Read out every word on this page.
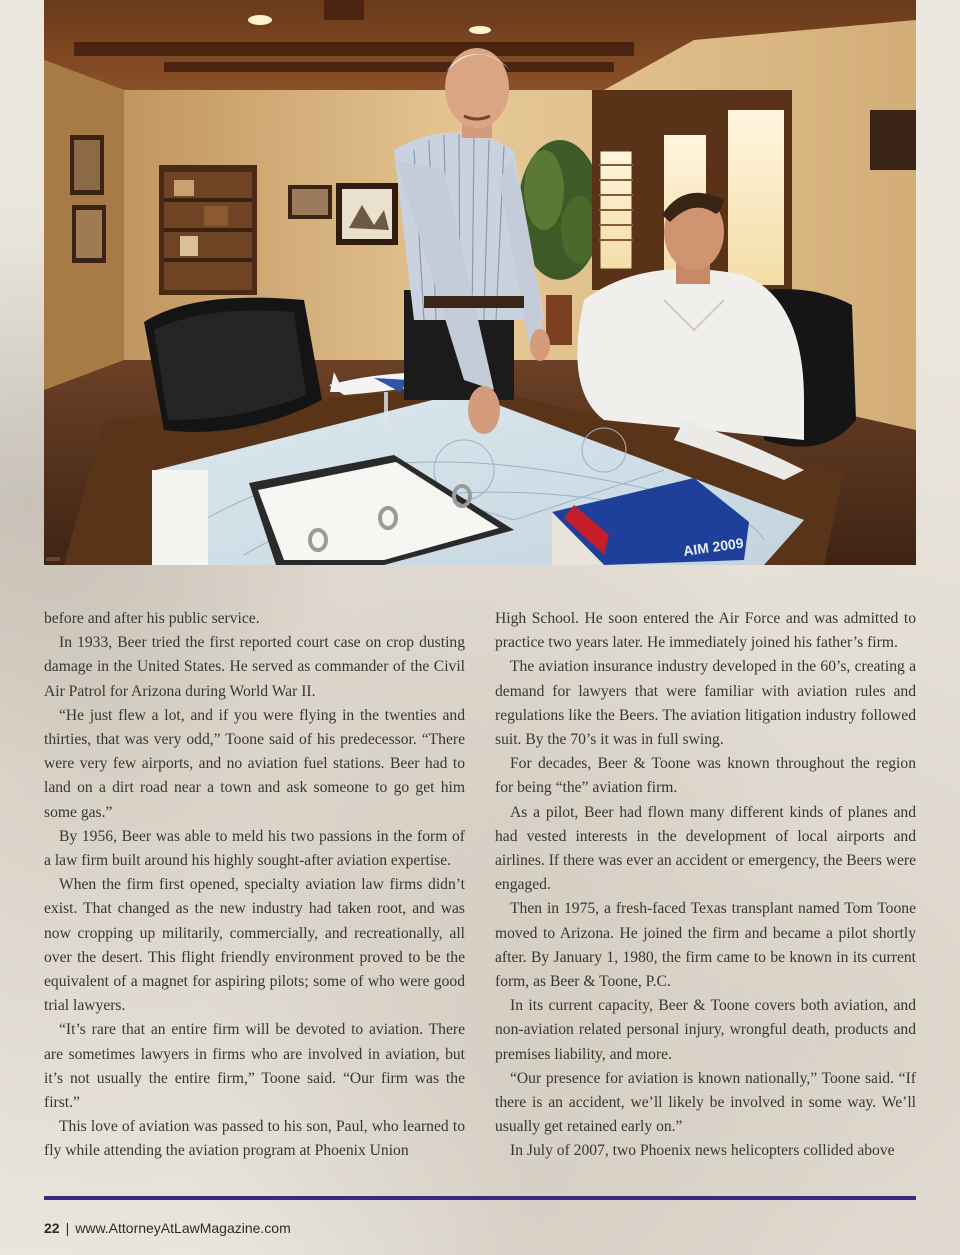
AIM 2009

before and after his public service.

In 1933, Beer tried the first reported court case on crop dusting damage in the United States. He served as commander of the Civil Air Patrol for Arizona during World War II.

“He just flew a lot, and if you were flying in the twenties and thirties, that was very odd,” Toone said of his predecessor. “There were very few airports, and no aviation fuel stations. Beer had to land on a dirt road near a town and ask someone to go get him some gas.”

By 1956, Beer was able to meld his two passions in the form of a law firm built around his highly sought-after aviation expertise.

When the firm first opened, specialty aviation law firms didn’t exist. That changed as the new industry had taken root, and was now cropping up militarily, commercially, and recreationally, all over the desert. This flight friendly environment proved to be the equivalent of a magnet for aspiring pilots; some of who were good trial lawyers.

“It’s rare that an entire firm will be devoted to aviation. There are sometimes lawyers in firms who are involved in aviation, but it’s not usually the entire firm,” Toone said. “Our firm was the first.”

This love of aviation was passed to his son, Paul, who learned to fly while attending the aviation program at Phoenix Union

High School. He soon entered the Air Force and was admitted to practice two years later. He immediately joined his father’s firm.

The aviation insurance industry developed in the 60’s, creating a demand for lawyers that were familiar with aviation rules and regulations like the Beers. The aviation litigation industry followed suit. By the 70’s it was in full swing.

For decades, Beer & Toone was known throughout the region for being “the” aviation firm.

As a pilot, Beer had flown many different kinds of planes and had vested interests in the development of local airports and airlines. If there was ever an accident or emergency, the Beers were engaged.

Then in 1975, a fresh-faced Texas transplant named Tom Toone moved to Arizona. He joined the firm and became a pilot shortly after. By January 1, 1980, the firm came to be known in its current form, as Beer & Toone, P.C.

In its current capacity, Beer & Toone covers both aviation, and non-aviation related personal injury, wrongful death, products and premises liability, and more.

“Our presence for aviation is known nationally,” Toone said. “If there is an accident, we’ll likely be involved in some way. We’ll usually get retained early on.”

In July of 2007, two Phoenix news helicopters collided above

22 | www.AttorneyAtLawMagazine.com
